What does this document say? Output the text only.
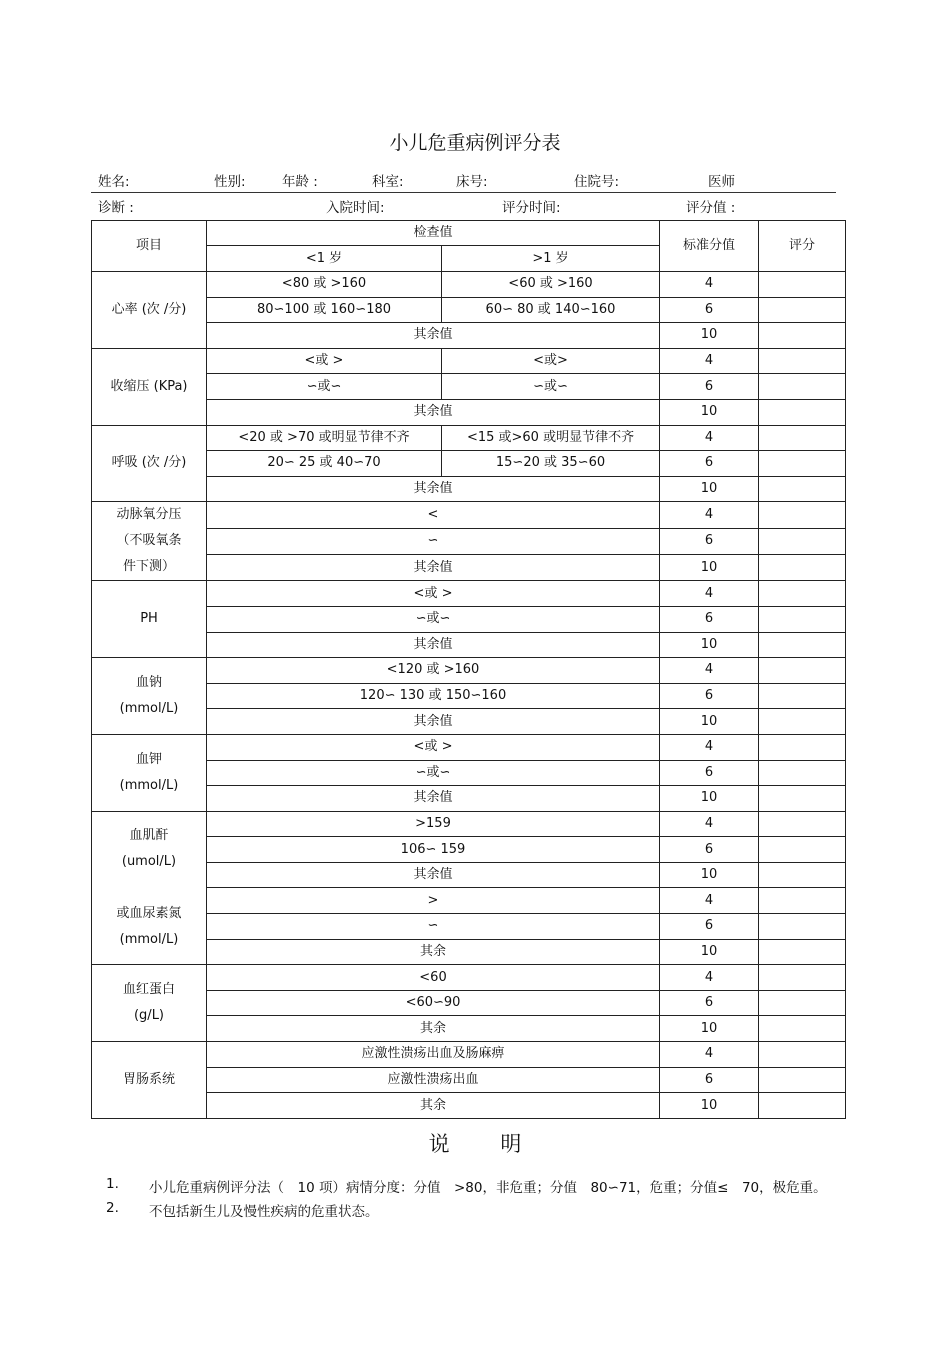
小儿危重病例评分表
姓名:	性别:	年龄 :	科室:	床号:	住院号:	医师
诊断 :	入院时间:	评分时间:	评分值 :
项目	检查值		标准分值	评分
	<1 岁	>1 岁		
心率 (次 /分)	<80 或 >160	<60 或 >160	4	
	80∽100 或 160∽180	60∽ 80 或 140∽160	6	
	其余值		10	
收缩压 (KPa)	<或 >	<或>	4	
	∽或∽	∽或∽	6	
	其余值		10	
呼吸 (次 /分)	<20 或 >70 或明显节律不齐	<15 或>60 或明显节律不齐	4	
	20∽ 25 或 40∽70	15∽20 或 35∽60	6	
	其余值		10	
动脉氧分压
（不吸氧条
件下测）	<		4	
	∽		6	
	其余值		10	
PH	<或 >		4	
	∽或∽		6	
	其余值		10	
血钠
(mmol/L)	<120 或 >160		4	
	120∽ 130 或 150∽160		6	
	其余值		10	
血钾
(mmol/L)	<或 >		4	
	∽或∽		6	
	其余值		10	
血肌酐
(umol/L)

或血尿素氮
(mmol/L)	>159		4	
	106∽ 159		6	
	其余值		10	
	>		4	
	∽		6	
	其余		10	
血红蛋白
(g/L)	<60		4	
	<60∽90		6	
	其余		10	
胃肠系统	应激性溃疡出血及肠麻痹		4	
	应激性溃疡出血		6	
	其余		10	
说 明
1. 小儿危重病例评分法（　10 项）病情分度：分值　>80，非危重；分值　80∽71，危重；分值≤　70，极危重。
2. 不包括新生儿及慢性疾病的危重状态。
